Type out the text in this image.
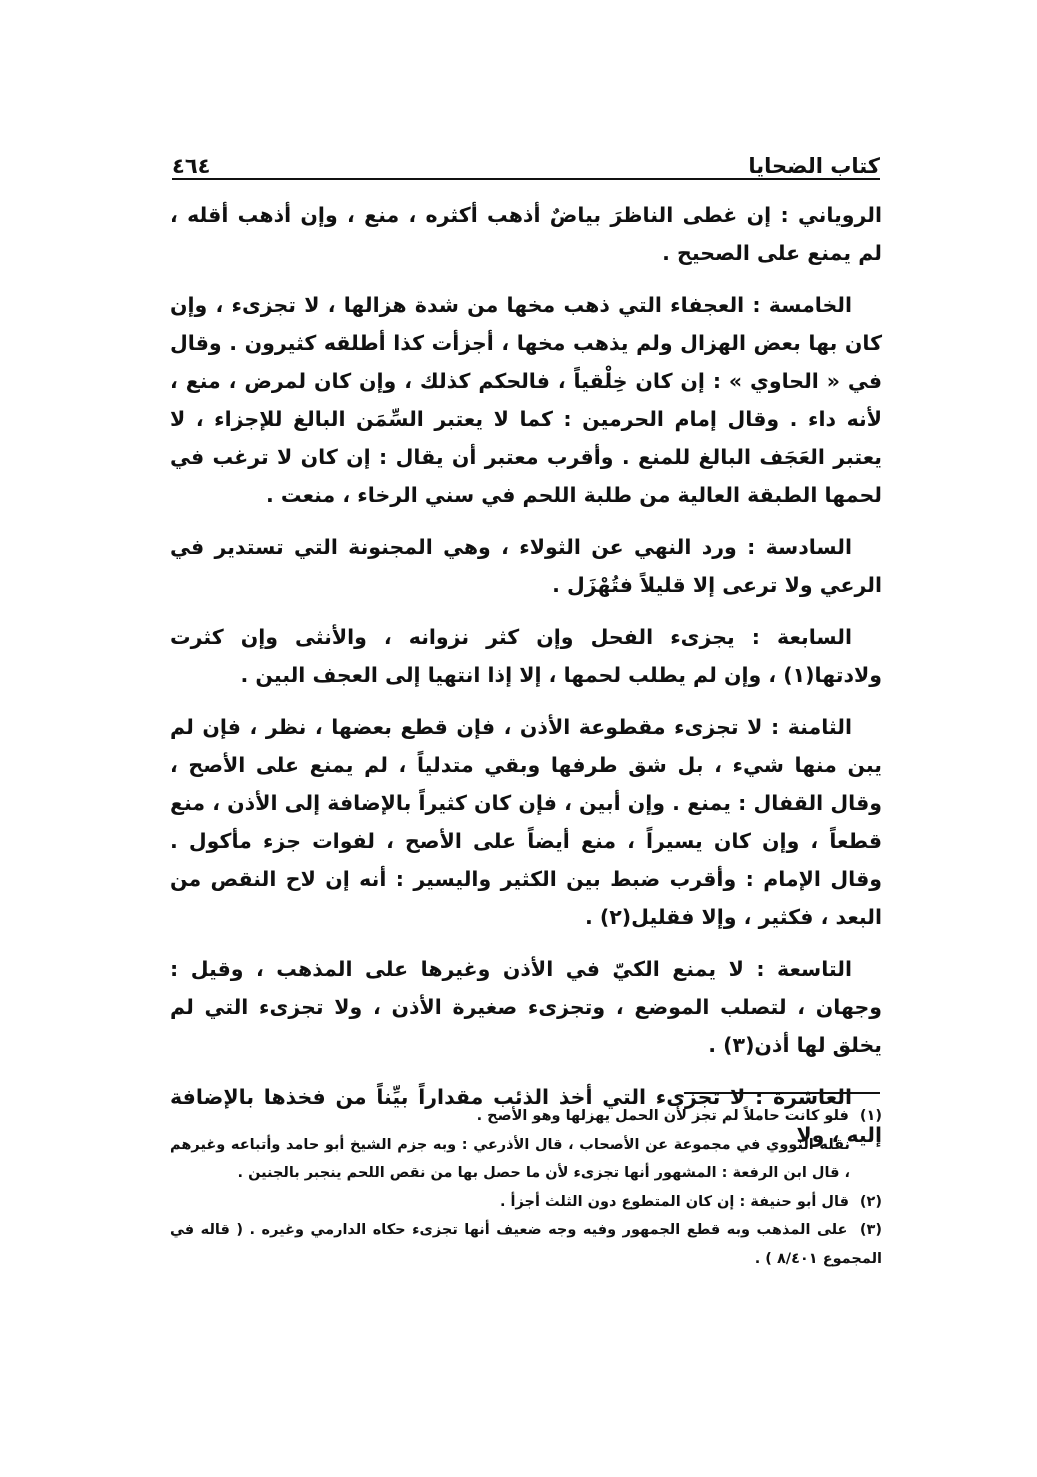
كتاب الضحايا
٤٦٤

الروياني : إن غطى الناظرَ بياضٌ أذهب أكثره ، منع ، وإن أذهب أقله ، لم يمنع على الصحيح .

الخامسة : العجفاء التي ذهب مخها من شدة هزالها ، لا تجزىء ، وإن كان بها بعض الهزال ولم يذهب مخها ، أجزأت كذا أطلقه كثيرون . وقال في « الحاوي » : إن كان خِلْقياً ، فالحكم كذلك ، وإن كان لمرض ، منع ، لأنه داء . وقال إمام الحرمين : كما لا يعتبر السِّمَن البالغ للإجزاء ، لا يعتبر العَجَف البالغ للمنع . وأقرب معتبر أن يقال : إن كان لا ترغب في لحمها الطبقة العالية من طلبة اللحم في سني الرخاء ، منعت .

السادسة : ورد النهي عن الثولاء ، وهي المجنونة التي تستدير في الرعي ولا ترعى إلا قليلاً فتُهْزَل .

السابعة : يجزىء الفحل وإن كثر نزوانه ، والأنثى وإن كثرت ولادتها(١) ، وإن لم يطلب لحمها ، إلا إذا انتهيا إلى العجف البين .

الثامنة : لا تجزىء مقطوعة الأذن ، فإن قطع بعضها ، نظر ، فإن لم يبن منها شيء ، بل شق طرفها وبقي متدلياً ، لم يمنع على الأصح ، وقال القفال : يمنع . وإن أبين ، فإن كان كثيراً بالإضافة إلى الأذن ، منع قطعاً ، وإن كان يسيراً ، منع أيضاً على الأصح ، لفوات جزء مأكول . وقال الإمام : وأقرب ضبط بين الكثير واليسير : أنه إن لاح النقص من البعد ، فكثير ، وإلا فقليل(٢) .

التاسعة : لا يمنع الكيّ في الأذن وغيرها على المذهب ، وقيل : وجهان ، لتصلب الموضع ، وتجزىء صغيرة الأذن ، ولا تجزىء التي لم يخلق لها أذن(٣) .

العاشرة : لا تجزىء التي أخذ الذئب مقداراً بيِّناً من فخذها بالإضافة إليه ، ولا

(١) فلو كانت حاملاً لم تجز لأن الحمل يهزلها وهو الأصح .

نقله النووي في مجموعة عن الأصحاب ، قال الأذرعي : وبه جزم الشيخ أبو حامد وأتباعه وغيرهم ، قال ابن الرفعة : المشهور أنها تجزىء لأن ما حصل بها من نقص اللحم ينجبر بالجنين .

(٢) قال أبو حنيفة : إن كان المتطوع دون الثلث أجزأ .

(٣) على المذهب وبه قطع الجمهور وفيه وجه ضعيف أنها تجزىء حكاه الدارمي وغيره . ( قاله في المجموع ٨/٤٠١ ) .
